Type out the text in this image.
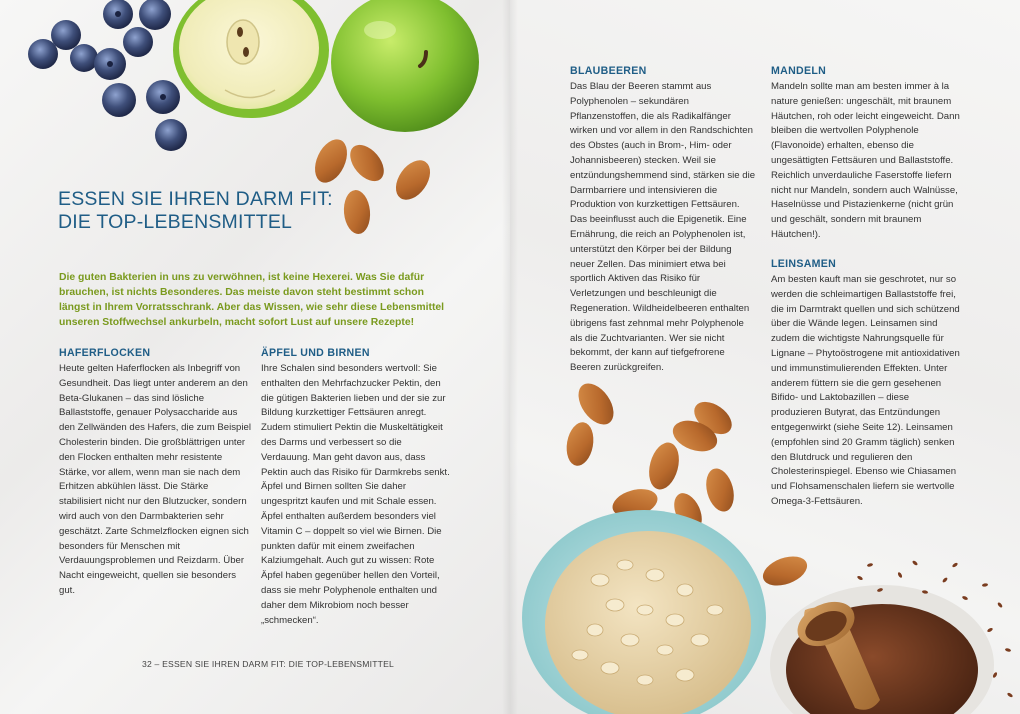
ESSEN SIE IHREN DARM FIT:
DIE TOP-LEBENSMITTEL

Die guten Bakterien in uns zu verwöhnen, ist keine Hexerei. Was Sie dafür brauchen, ist nichts Besonderes. Das meiste davon steht bestimmt schon längst in Ihrem Vorratsschrank. Aber das Wissen, wie sehr diese Lebensmittel unseren Stoffwechsel ankurbeln, macht sofort Lust auf unsere Rezepte!

HAFERFLOCKEN

Heute gelten Haferflocken als Inbegriff von Gesundheit. Das liegt unter anderem an den Beta-Glukanen – das sind lösliche Ballaststoffe, genauer Polysaccharide aus den Zellwänden des Hafers, die zum Beispiel Cholesterin binden. Die großblättrigen unter den Flocken enthalten mehr resistente Stärke, vor allem, wenn man sie nach dem Erhitzen abkühlen lässt. Die Stärke stabilisiert nicht nur den Blutzucker, sondern wird auch von den Darmbakterien sehr geschätzt. Zarte Schmelzflocken eignen sich besonders für Menschen mit Verdauungsproblemen und Reizdarm. Über Nacht eingeweicht, quellen sie besonders gut.

ÄPFEL UND BIRNEN

Ihre Schalen sind besonders wertvoll: Sie enthalten den Mehrfachzucker Pektin, den die gütigen Bakterien lieben und der sie zur Bildung kurzkettiger Fettsäuren anregt. Zudem stimuliert Pektin die Muskeltätigkeit des Darms und verbessert so die Verdauung. Man geht davon aus, dass Pektin auch das Risiko für Darmkrebs senkt. Äpfel und Birnen sollten Sie daher ungespritzt kaufen und mit Schale essen. Äpfel enthalten außerdem besonders viel Vitamin C – doppelt so viel wie Birnen. Die punkten dafür mit einem zweifachen Kalziumgehalt. Auch gut zu wissen: Rote Äpfel haben gegenüber hellen den Vorteil, dass sie mehr Polyphenole enthalten und daher dem Mikrobiom noch besser „schmecken“.

BLAUBEEREN

Das Blau der Beeren stammt aus Polyphenolen – sekundären Pflanzenstoffen, die als Radikalfänger wirken und vor allem in den Randschichten des Obstes (auch in Brom-, Him- oder Johannisbeeren) stecken. Weil sie entzündungshemmend sind, stärken sie die Darmbarriere und intensivieren die Produktion von kurzkettigen Fettsäuren. Das beeinflusst auch die Epigenetik. Eine Ernährung, die reich an Polyphenolen ist, unterstützt den Körper bei der Bildung neuer Zellen. Das minimiert etwa bei sportlich Aktiven das Risiko für Verletzungen und beschleunigt die Regeneration. Wildheidelbeeren enthalten übrigens fast zehnmal mehr Polyphenole als die Zuchtvarianten. Wer sie nicht bekommt, der kann auf tiefgefrorene Beeren zurückgreifen.

MANDELN

Mandeln sollte man am besten immer à la nature genießen: ungeschält, mit braunem Häutchen, roh oder leicht eingeweicht. Dann bleiben die wertvollen Polyphenole (Flavonoide) erhalten, ebenso die ungesättigten Fettsäuren und Ballaststoffe. Reichlich unverdauliche Faserstoffe liefern nicht nur Mandeln, sondern auch Walnüsse, Haselnüsse und Pistazienkerne (nicht grün und geschält, sondern mit braunem Häutchen!).

LEINSAMEN

Am besten kauft man sie geschrotet, nur so werden die schleimartigen Ballaststoffe frei, die im Darmtrakt quellen und sich schützend über die Wände legen. Leinsamen sind zudem die wichtigste Nahrungsquelle für Lignane – Phytoöstrogene mit antioxidativen und immunstimulierenden Effekten. Unter anderem füttern sie die gern gesehenen Bifido- und Laktobazillen – diese produzieren Butyrat, das Entzündungen entgegenwirkt (siehe Seite 12). Leinsamen (empfohlen sind 20 Gramm täglich) senken den Blutdruck und regulieren den Cholesterinspiegel. Ebenso wie Chiasamen und Flohsamenschalen liefern sie wertvolle Omega-3-Fettsäuren.

32 – ESSEN SIE IHREN DARM FIT: DIE TOP-LEBENSMITTEL
